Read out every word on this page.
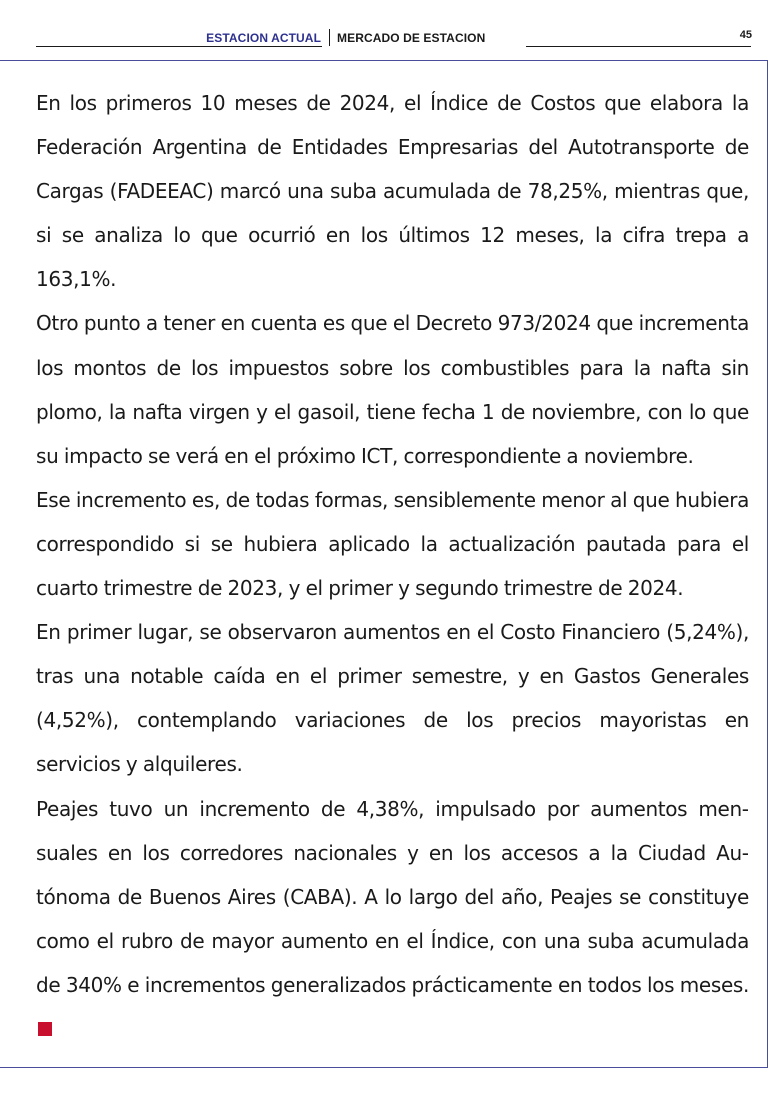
ESTACION ACTUAL MERCADO DE ESTACION	45

En los primeros 10 meses de 2024, el Índice de Costos que elabora la Federación Argentina de Entidades Empresarias del Autotransporte de Cargas (FADEEAC) marcó una suba acumulada de 78,25%, mientras que, si se analiza lo que ocurrió en los últimos 12 meses, la cifra trepa a 163,1%.

Otro punto a tener en cuenta es que el Decreto 973/2024 que incrementa los montos de los impuestos sobre los combustibles para la nafta sin plomo, la nafta virgen y el gasoil, tiene fecha 1 de noviembre, con lo que su impacto se verá en el próximo ICT, correspondiente a noviembre.

Ese incremento es, de todas formas, sensiblemente menor al que hubiera correspondido si se hubiera aplicado la actualización pautada para el cuarto trimestre de 2023, y el primer y segundo trimestre de 2024.

En primer lugar, se observaron aumentos en el Costo Financiero (5,24%), tras una notable caída en el primer semestre, y en Gastos Generales (4,52%), contemplando variaciones de los precios mayoristas en servicios y alquileres.

Peajes tuvo un incremento de 4,38%, impulsado por aumentos mensuales en los corredores nacionales y en los accesos a la Ciudad Autónoma de Buenos Aires (CABA). A lo largo del año, Peajes se constituye como el rubro de mayor aumento en el Índice, con una suba acumulada de 340% e incrementos generalizados prácticamente en todos los meses.
